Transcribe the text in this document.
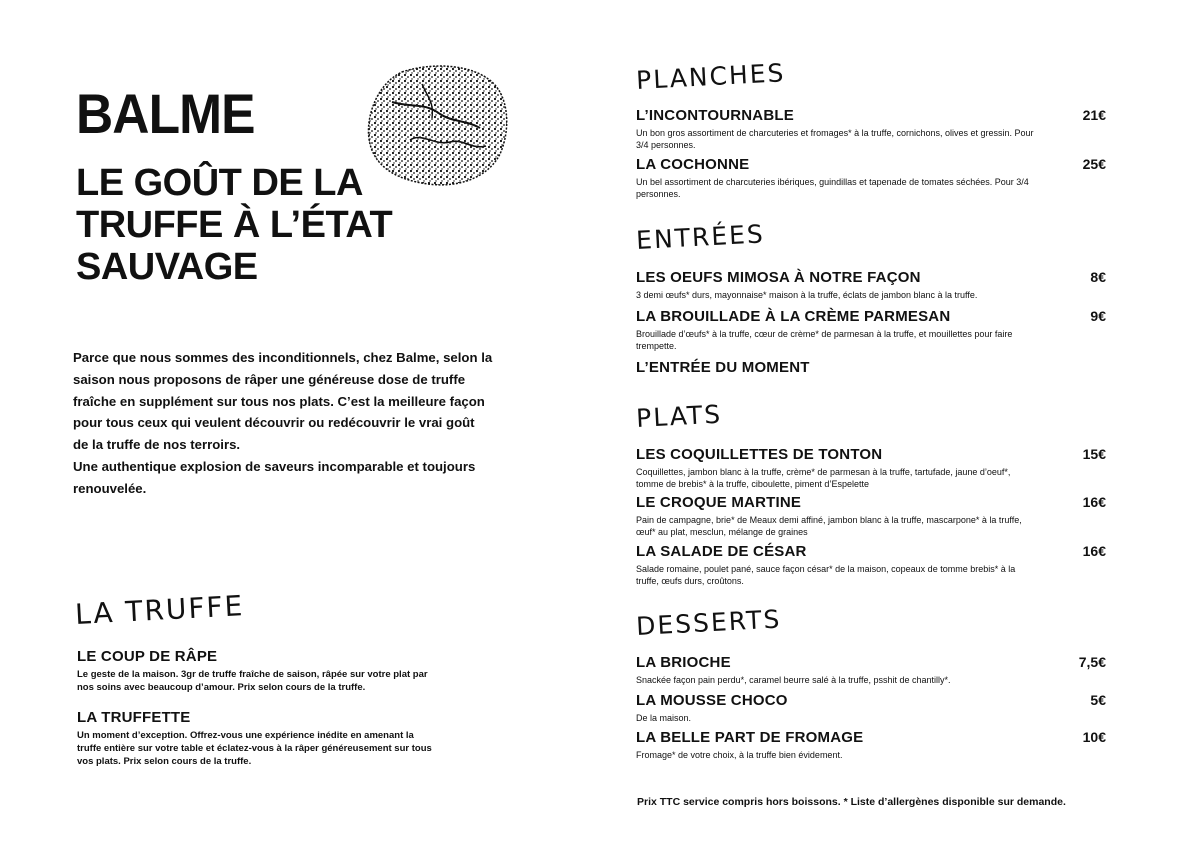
BALME
LE GOÛT DE LA TRUFFE À L’ÉTAT SAUVAGE

Parce que nous sommes des inconditionnels, chez Balme, selon la saison nous proposons de râper une généreuse dose de truffe fraîche en supplément sur tous nos plats. C’est la meilleure façon pour tous ceux qui veulent découvrir ou redécouvrir le vrai goût de la truffe de nos terroirs.

Une authentique explosion de saveurs incomparable et toujours renouvelée.

LA TRUFFE
LE COUP DE RÂPE
Le geste de la maison. 3gr de truffe fraîche de saison, râpée sur votre plat par nos soins avec beaucoup d’amour. Prix selon cours de la truffe.
LA TRUFFETTE
Un moment d’exception. Offrez-vous une expérience inédite en amenant la truffe entière sur votre table et éclatez-vous à la râper généreusement sur tous vos plats. Prix selon cours de la truffe.
PLANCHES
L’INCONTOURNABLE	21€
Un bon gros assortiment de charcuteries et fromages* à la truffe, cornichons, olives et gressin. Pour 3/4 personnes.
LA COCHONNE	25€
Un bel assortiment de charcuteries ibériques, guindillas et tapenade de tomates séchées. Pour 3/4 personnes.
ENTRÉES
LES OEUFS MIMOSA À NOTRE FAÇON	8€
3 demi œufs* durs, mayonnaise* maison à la truffe, éclats de jambon blanc à la truffe.
LA BROUILLADE À LA CRÈME PARMESAN	9€
Brouillade d’œufs* à la truffe, cœur de crème* de parmesan à la truffe, et mouillettes pour faire trempette.
L’ENTRÉE DU MOMENT
PLATS
LES COQUILLETTES DE TONTON	15€
Coquillettes, jambon blanc à la truffe, crème* de parmesan à la truffe, tartufade, jaune d’oeuf*, tomme de brebis* à la truffe, ciboulette, piment d’Espelette
LE CROQUE MARTINE	16€
Pain de campagne, brie* de Meaux demi affiné, jambon blanc à la truffe, mascarpone* à la truffe, œuf* au plat, mesclun, mélange de graines
LA SALADE DE CÉSAR	16€
Salade romaine, poulet pané, sauce façon césar* de la maison, copeaux de tomme brebis* à la truffe, œufs durs, croûtons.
DESSERTS
LA BRIOCHE	7,5€
Snackée façon pain perdu*, caramel beurre salé à la truffe, psshit de chantilly*.
LA MOUSSE CHOCO	5€
De la maison.
LA BELLE PART DE FROMAGE	10€
Fromage* de votre choix, à la truffe bien évidement.
Prix TTC service compris hors boissons. * Liste d’allergènes disponible sur demande.
